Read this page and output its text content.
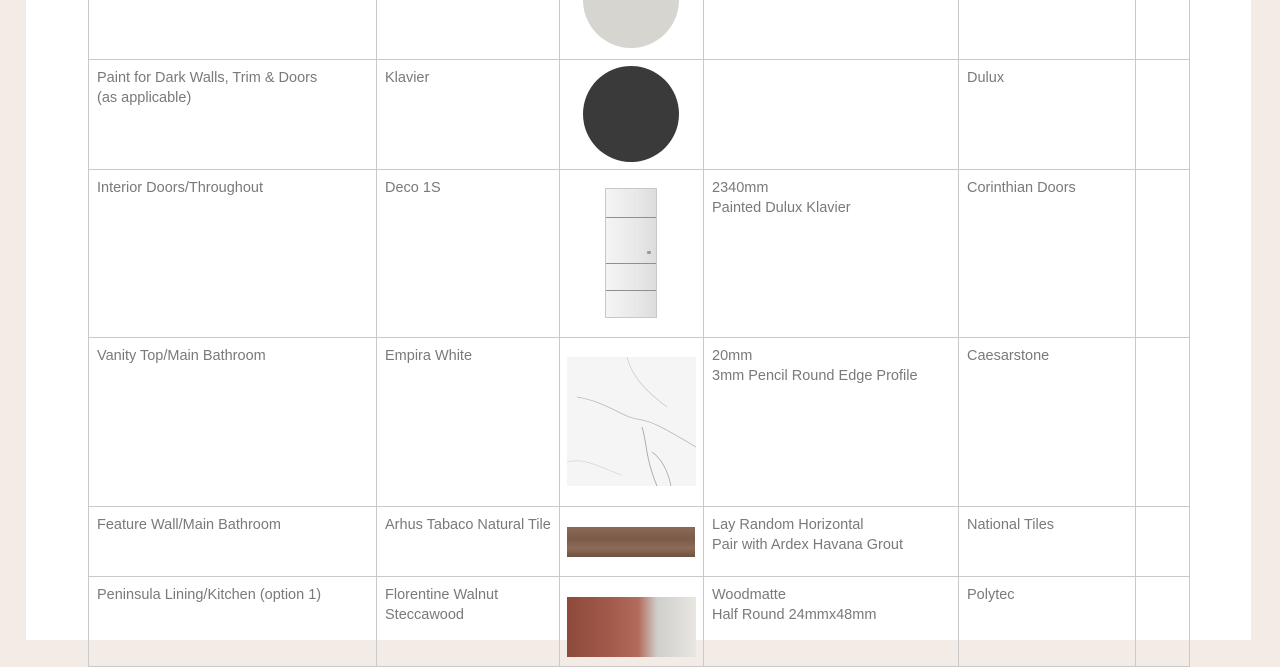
Paint for Dark Walls, Trim & Doors
(as applicable)	Klavier			Dulux	

Interior Doors/Throughout	Deco 1S		2340mm
Painted Dulux Klavier	Corinthian Doors	

Vanity Top/Main Bathroom	Empira White		20mm
3mm Pencil Round Edge Profile	Caesarstone	

Feature Wall/Main Bathroom	Arhus Tabaco Natural Tile		Lay Random Horizontal
Pair with Ardex Havana Grout	National Tiles	

Peninsula Lining/Kitchen (option 1)	Florentine Walnut
Steccawood		Woodmatte
Half Round 24mmx48mm	Polytec	
